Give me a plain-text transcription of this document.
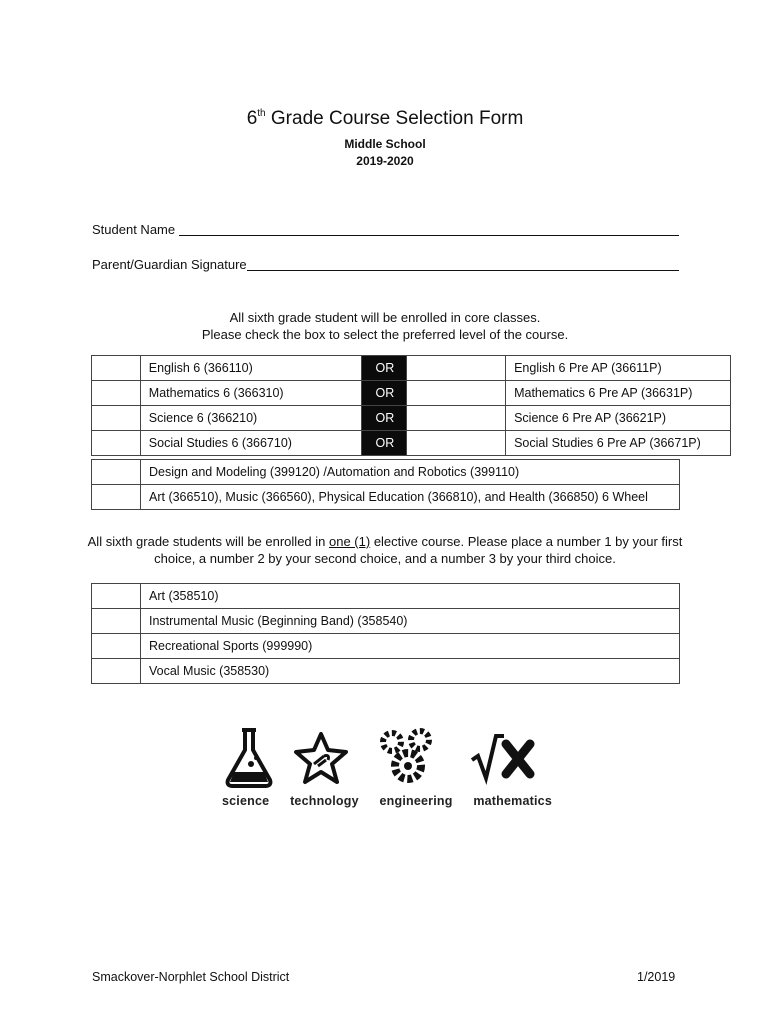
6th Grade Course Selection Form
Middle School
2019-2020
Student Name
Parent/Guardian Signature
All sixth grade student will be enrolled in core classes.
Please check the box to select the preferred level of the course.
	English 6 (366110)	OR		English 6 Pre AP (36611P)
	Mathematics 6 (366310)	OR		Mathematics 6 Pre AP (36631P)
	Science 6 (366210)	OR		Science 6 Pre AP (36621P)
	Social Studies 6 (366710)	OR		Social Studies 6 Pre AP (36671P)
	Design and Modeling (399120) /Automation and Robotics (399110)
	Art (366510), Music (366560), Physical Education (366810), and Health (366850) 6 Wheel
All sixth grade students will be enrolled in one (1) elective course. Please place a number 1 by your first
choice, a number 2 by your second choice, and a number 3 by your third choice.
	Art (358510)
	Instrumental Music (Beginning Band) (358540)
	Recreational Sports (999990)
	Vocal Music (358530)
science technology engineering mathematics
Smackover-Norphlet School District	1/2019
